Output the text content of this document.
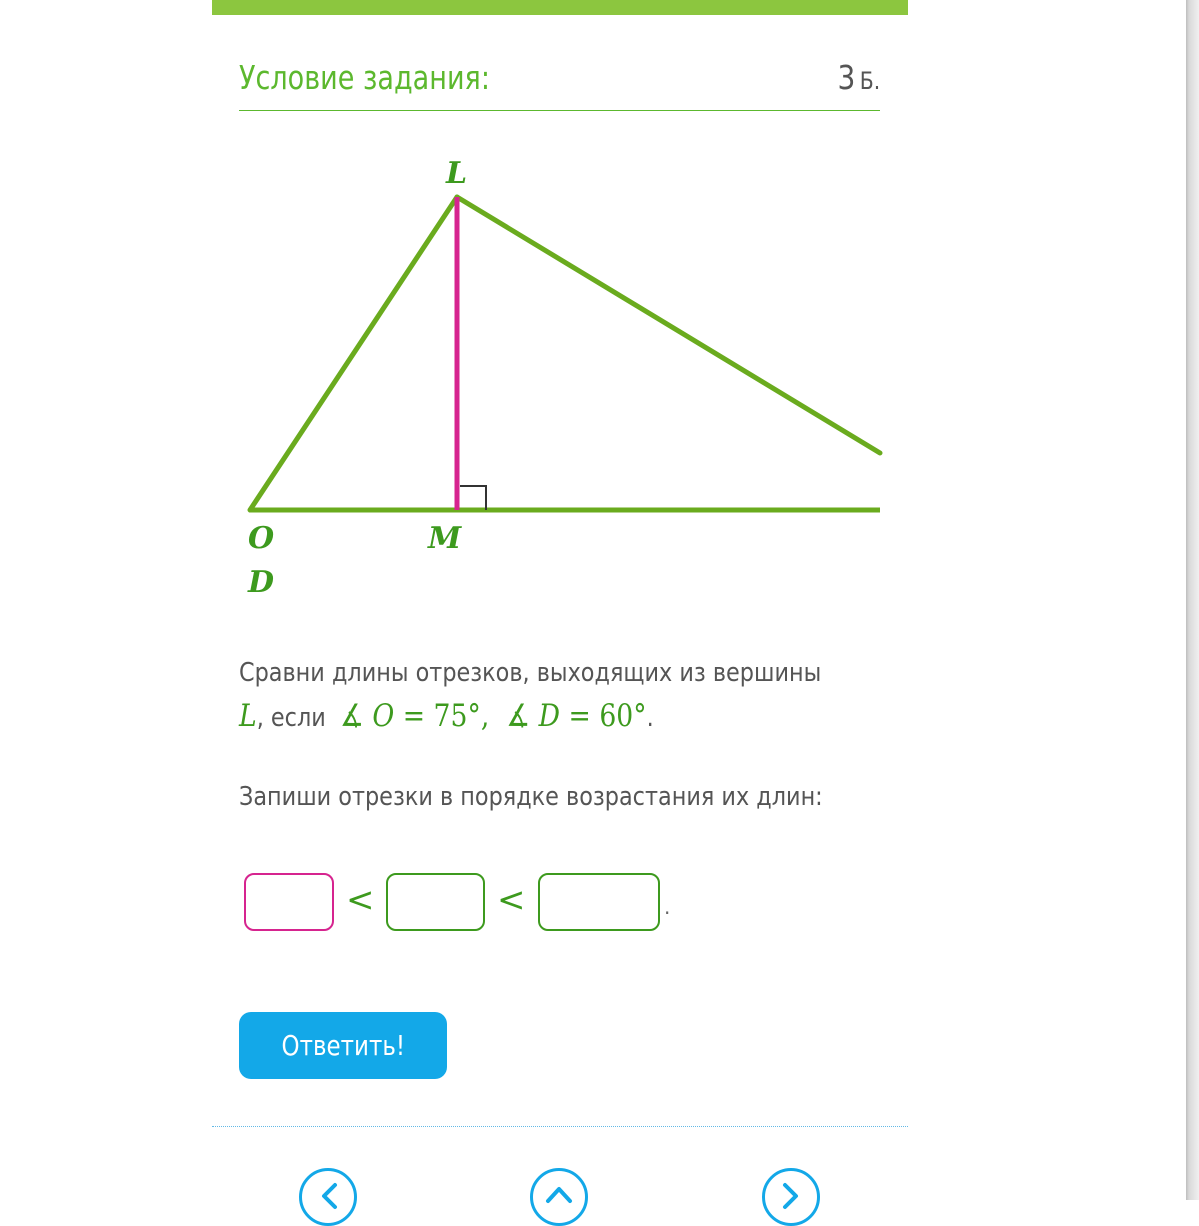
Условие задания:	3 Б.
L
O	M
D
Сравни длины отрезков, выходящих из вершины
L, если ∡ O = 75°, ∡ D = 60°.
Запиши отрезки в порядке возрастания их длин:
<	<	.
Ответить!
